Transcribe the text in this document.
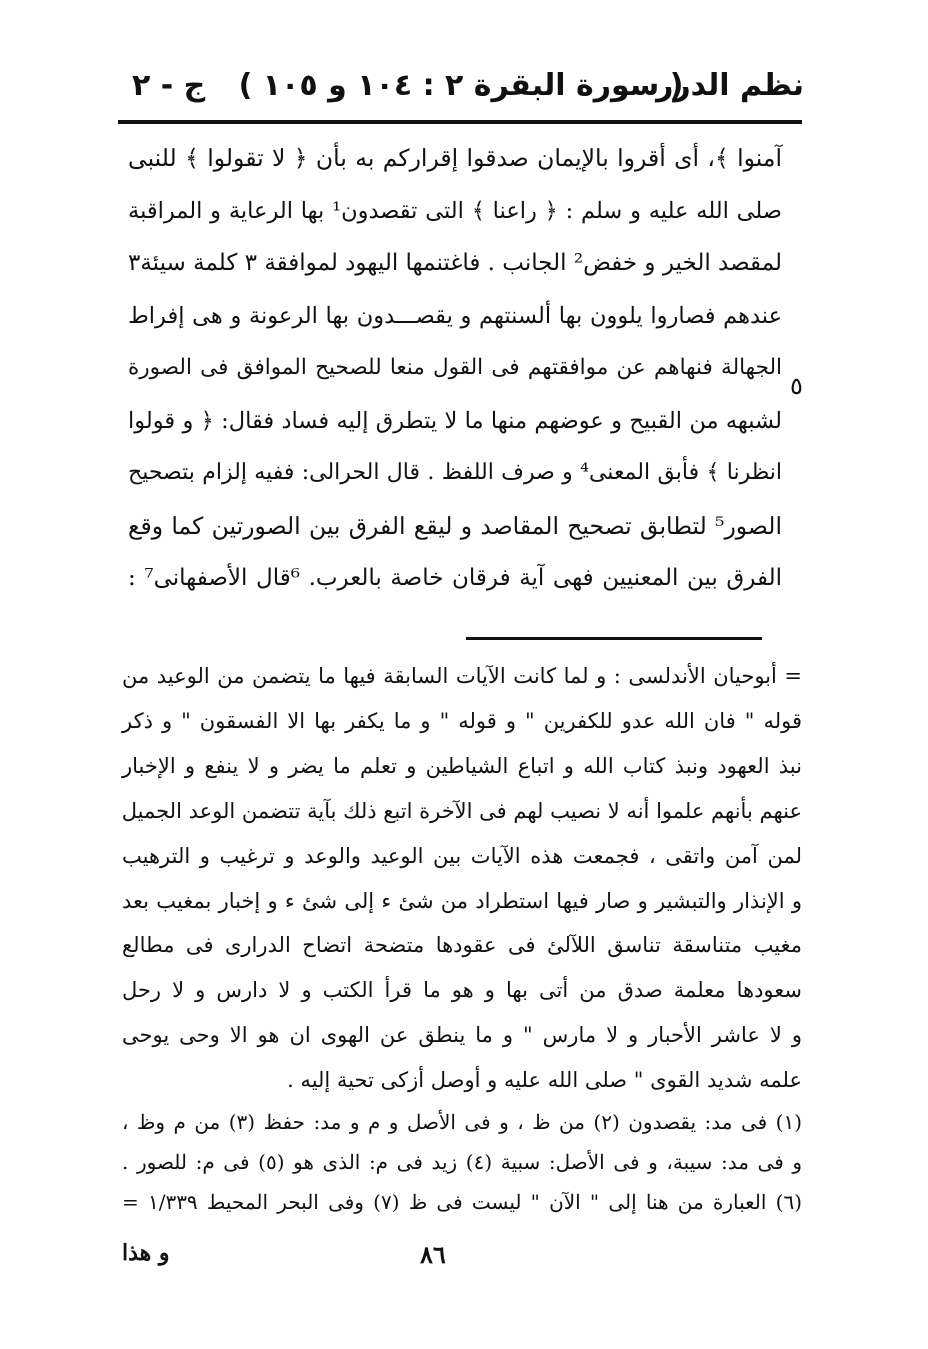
نظم الدرر
( سورة البقرة ٢ : ١٠٤ و ١٠٥ )
ج - ٢
آمنوا ﴾، أى أقروا بالإيمان صدقوا إقراركم به بأن ﴿ لا تقولوا ﴾ للنبى
صلى الله عليه و سلم : ﴿ راعنا ﴾ التى تقصدون¹ بها الرعاية و المراقبة
لمقصد الخير و خفض² الجانب . فاغتنمها اليهود لموافقة ٣ كلمة سيئة٣
عندهم فصاروا يلوون بها ألسنتهم و يقصـــدون بها الرعونة و هى إفراط
الجهالة فنهاهم عن موافقتهم فى القول منعا للصحيح الموافق فى الصورة
لشبهه من القبيح و عوضهم منها ما لا يتطرق إليه فساد فقال: ﴿ و قولوا
انظرنا ﴾ فأبق المعنى⁴ و صرف اللفظ . قال الحرالى: ففيه إلزام بتصحيح
الصور⁵ لتطابق تصحيح المقاصد و ليقع الفرق بين الصورتين كما وقع
الفرق بين المعنيين فهى آية فرقان خاصة بالعرب. ⁶قال الأصفهانى⁷ :
٥
= أبوحيان الأندلسى : و لما كانت الآيات السابقة فيها ما يتضمن من الوعيد من
قوله " فان الله عدو للكفرين " و قوله " و ما يكفر بها الا الفسقون " و ذكر
نبذ العهود ونبذ كتاب الله و اتباع الشياطين و تعلم ما يضر و لا ينفع و الإخبار
عنهم بأنهم علموا أنه لا نصيب لهم فى الآخرة اتبع ذلك بآية تتضمن الوعد الجميل
لمن آمن واتقى ، فجمعت هذه الآيات بين الوعيد والوعد و ترغيب و الترهيب
و الإنذار والتبشير و صار فيها استطراد من شئ ء إلى شئ ء و إخبار بمغيب بعد
مغيب متناسقة تناسق اللآلئ فى عقودها متضحة اتضاح الدرارى فى مطالع
سعودها معلمة صدق من أتى بها و هو ما قرأ الكتب و لا دارس و لا رحل
و لا عاشر الأحبار و لا مارس " و ما ينطق عن الهوى ان هو الا وحى يوحى
علمه شديد القوى " صلى الله عليه و أوصل أزكى تحية إليه .
(١) فى مد: يقصدون (٢) من ظ ، و فى الأصل و م و مد: حفظ (٣) من م وظ ،
و فى مد: سيبة، و فى الأصل: سبية (٤) زيد فى م: الذى هو (٥) فى م: للصور .
(٦) العبارة من هنا إلى " الآن " ليست فى ظ (٧) وفى البحر المحيط ١/٣٣٩ =
٨٦
و هذا
